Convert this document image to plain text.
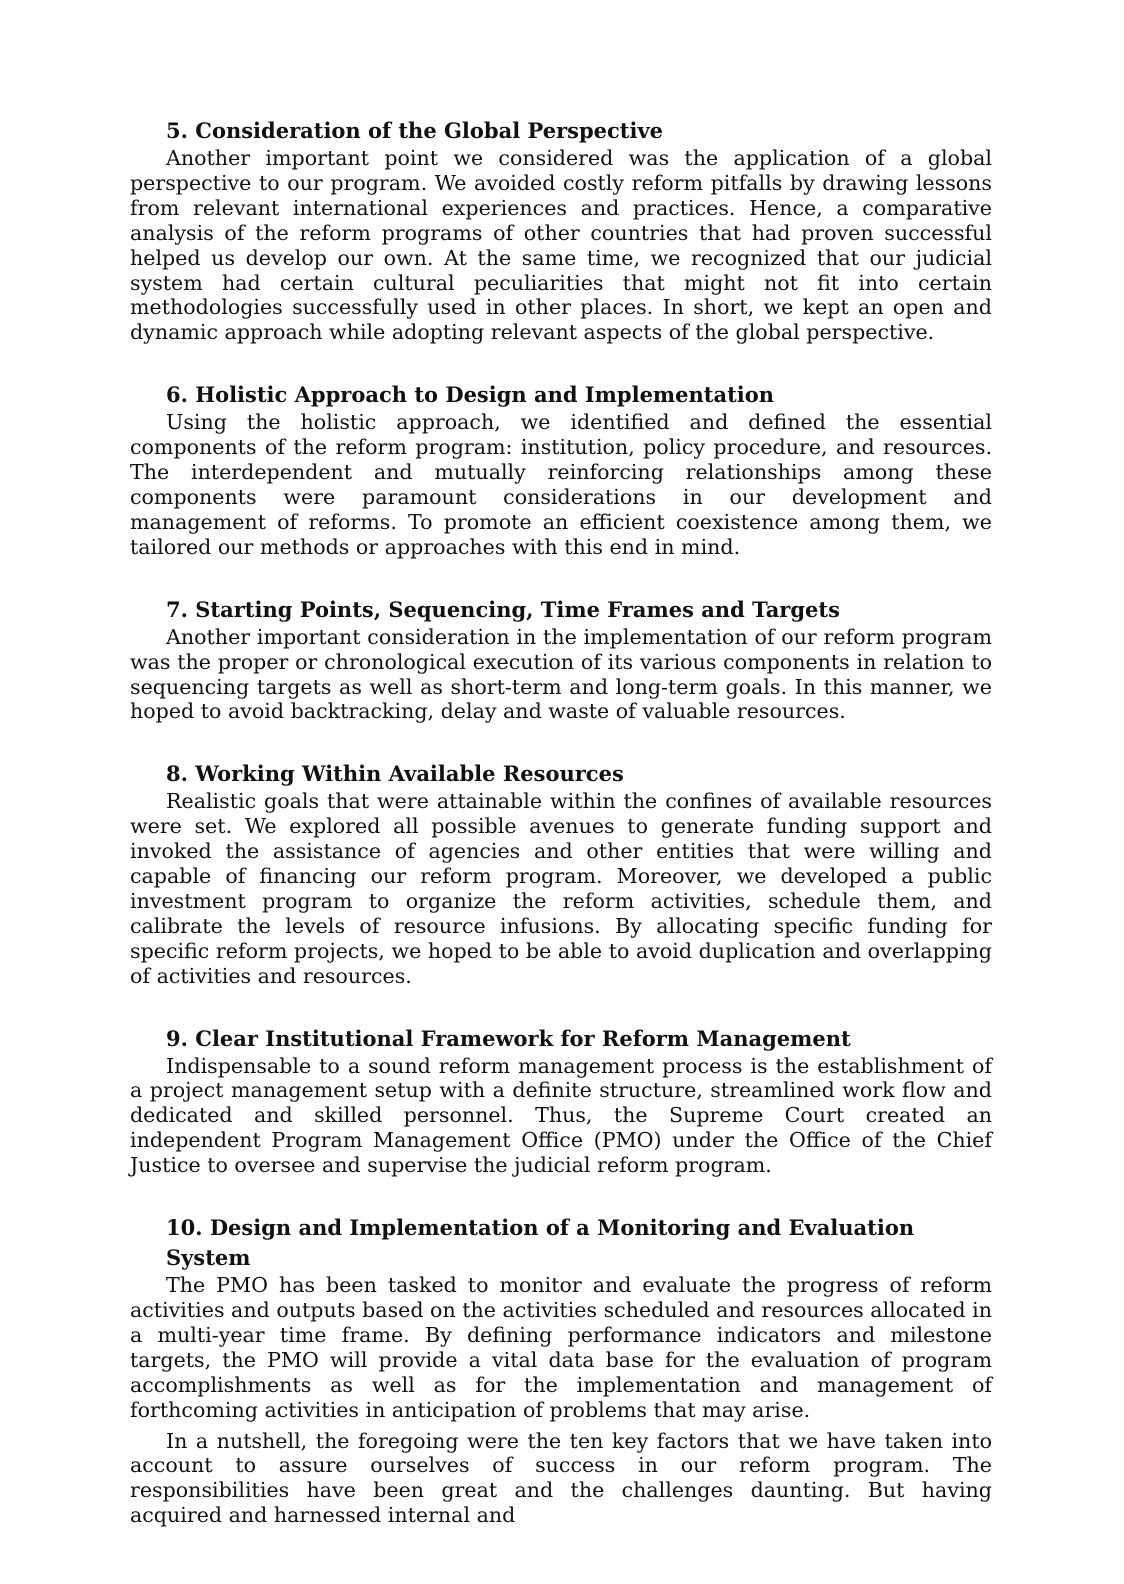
5. Consideration of the Global Perspective

Another important point we considered was the application of a global perspective to our program. We avoided costly reform pitfalls by drawing lessons from relevant international experiences and practices. Hence, a comparative analysis of the reform programs of other countries that had proven successful helped us develop our own. At the same time, we recognized that our judicial system had certain cultural peculiarities that might not fit into certain methodologies successfully used in other places. In short, we kept an open and dynamic approach while adopting relevant aspects of the global perspective.

6. Holistic Approach to Design and Implementation

Using the holistic approach, we identified and defined the essential components of the reform program: institution, policy procedure, and resources. The interdependent and mutually reinforcing relationships among these components were paramount considerations in our development and management of reforms. To promote an efficient coexistence among them, we tailored our methods or approaches with this end in mind.

7. Starting Points, Sequencing, Time Frames and Targets

Another important consideration in the implementation of our reform program was the proper or chronological execution of its various components in relation to sequencing targets as well as short-term and long-term goals. In this manner, we hoped to avoid backtracking, delay and waste of valuable resources.

8. Working Within Available Resources

Realistic goals that were attainable within the confines of available resources were set. We explored all possible avenues to generate funding support and invoked the assistance of agencies and other entities that were willing and capable of financing our reform program. Moreover, we developed a public investment program to organize the reform activities, schedule them, and calibrate the levels of resource infusions. By allocating specific funding for specific reform projects, we hoped to be able to avoid duplication and overlapping of activities and resources.

9. Clear Institutional Framework for Reform Management

Indispensable to a sound reform management process is the establishment of a project management setup with a definite structure, streamlined work flow and dedicated and skilled personnel. Thus, the Supreme Court created an independent Program Management Office (PMO) under the Office of the Chief Justice to oversee and supervise the judicial reform program.

10. Design and Implementation of a Monitoring and Evaluation System

The PMO has been tasked to monitor and evaluate the progress of reform activities and outputs based on the activities scheduled and resources allocated in a multi-year time frame. By defining performance indicators and milestone targets, the PMO will provide a vital data base for the evaluation of program accomplishments as well as for the implementation and management of forthcoming activities in anticipation of problems that may arise.

In a nutshell, the foregoing were the ten key factors that we have taken into account to assure ourselves of success in our reform program. The responsibilities have been great and the challenges daunting. But having acquired and harnessed internal and
